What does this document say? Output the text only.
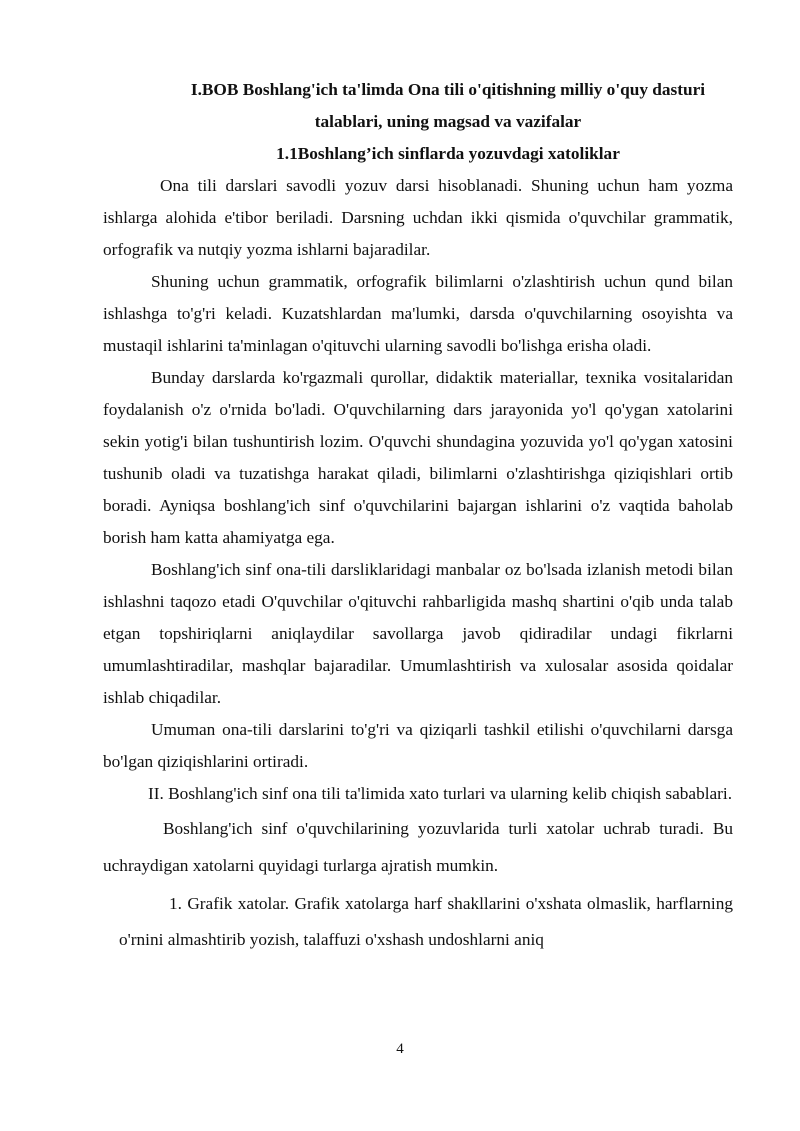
I.BOB Boshlang'ich ta'limda Ona tili o'qitishning milliy o'quy dasturi talablari, uning magsad va vazifalar
1.1Boshlang’ich sinflarda yozuvdagi xatoliklar

Ona tili darslari savodli yozuv darsi hisoblanadi. Shuning uchun ham yozma ishlarga alohida e'tibor beriladi. Darsning uchdan ikki qismida o'quvchilar grammatik, orfografik va nutqiy yozma ishlarni bajaradilar.

Shuning uchun grammatik, orfografik bilimlarni o'zlashtirish uchun qund bilan ishlashga to'g'ri keladi. Kuzatshlardan ma'lumki, darsda o'quvchilarning osoyishta va mustaqil ishlarini ta'minlagan o'qituvchi ularning savodli bo'lishga erisha oladi.

Bunday darslarda ko'rgazmali qurollar, didaktik materiallar, texnika vositalaridan foydalanish o'z o'rnida bo'ladi. O'quvchilarning dars jarayonida yo'l qo'ygan xatolarini sekin yotig'i bilan tushuntirish lozim. O'quvchi shundagina yozuvida yo'l qo'ygan xatosini tushunib oladi va tuzatishga harakat qiladi, bilimlarni o'zlashtirishga qiziqishlari ortib boradi. Ayniqsa boshlang'ich sinf o'quvchilarini bajargan ishlarini o'z vaqtida baholab borish ham katta ahamiyatga ega.

Boshlang'ich sinf ona-tili darsliklaridagi manbalar oz bo'lsada izlanish metodi bilan ishlashni taqozo etadi O'quvchilar o'qituvchi rahbarligida mashq shartini o'qib unda talab etgan topshiriqlarni aniqlaydilar savollarga javob qidiradilar undagi fikrlarni umumlashtiradilar, mashqlar bajaradilar. Umumlashtirish va xulosalar asosida qoidalar ishlab chiqadilar.

Umuman ona-tili darslarini to'g'ri va qiziqarli tashkil etilishi o'quvchilarni darsga bo'lgan qiziqishlarini ortiradi.

II. Boshlang'ich sinf ona tili ta'limida xato turlari va ularning kelib chiqish sabablari.

Boshlang'ich sinf o'quvchilarining yozuvlarida turli xatolar uchrab turadi. Bu uchraydigan xatolarni quyidagi turlarga ajratish mumkin.

1. Grafik xatolar. Grafik xatolarga harf shakllarini o'xshata olmaslik, harflarning o'rnini almashtirib yozish, talaffuzi o'xshash undoshlarni aniq

4
